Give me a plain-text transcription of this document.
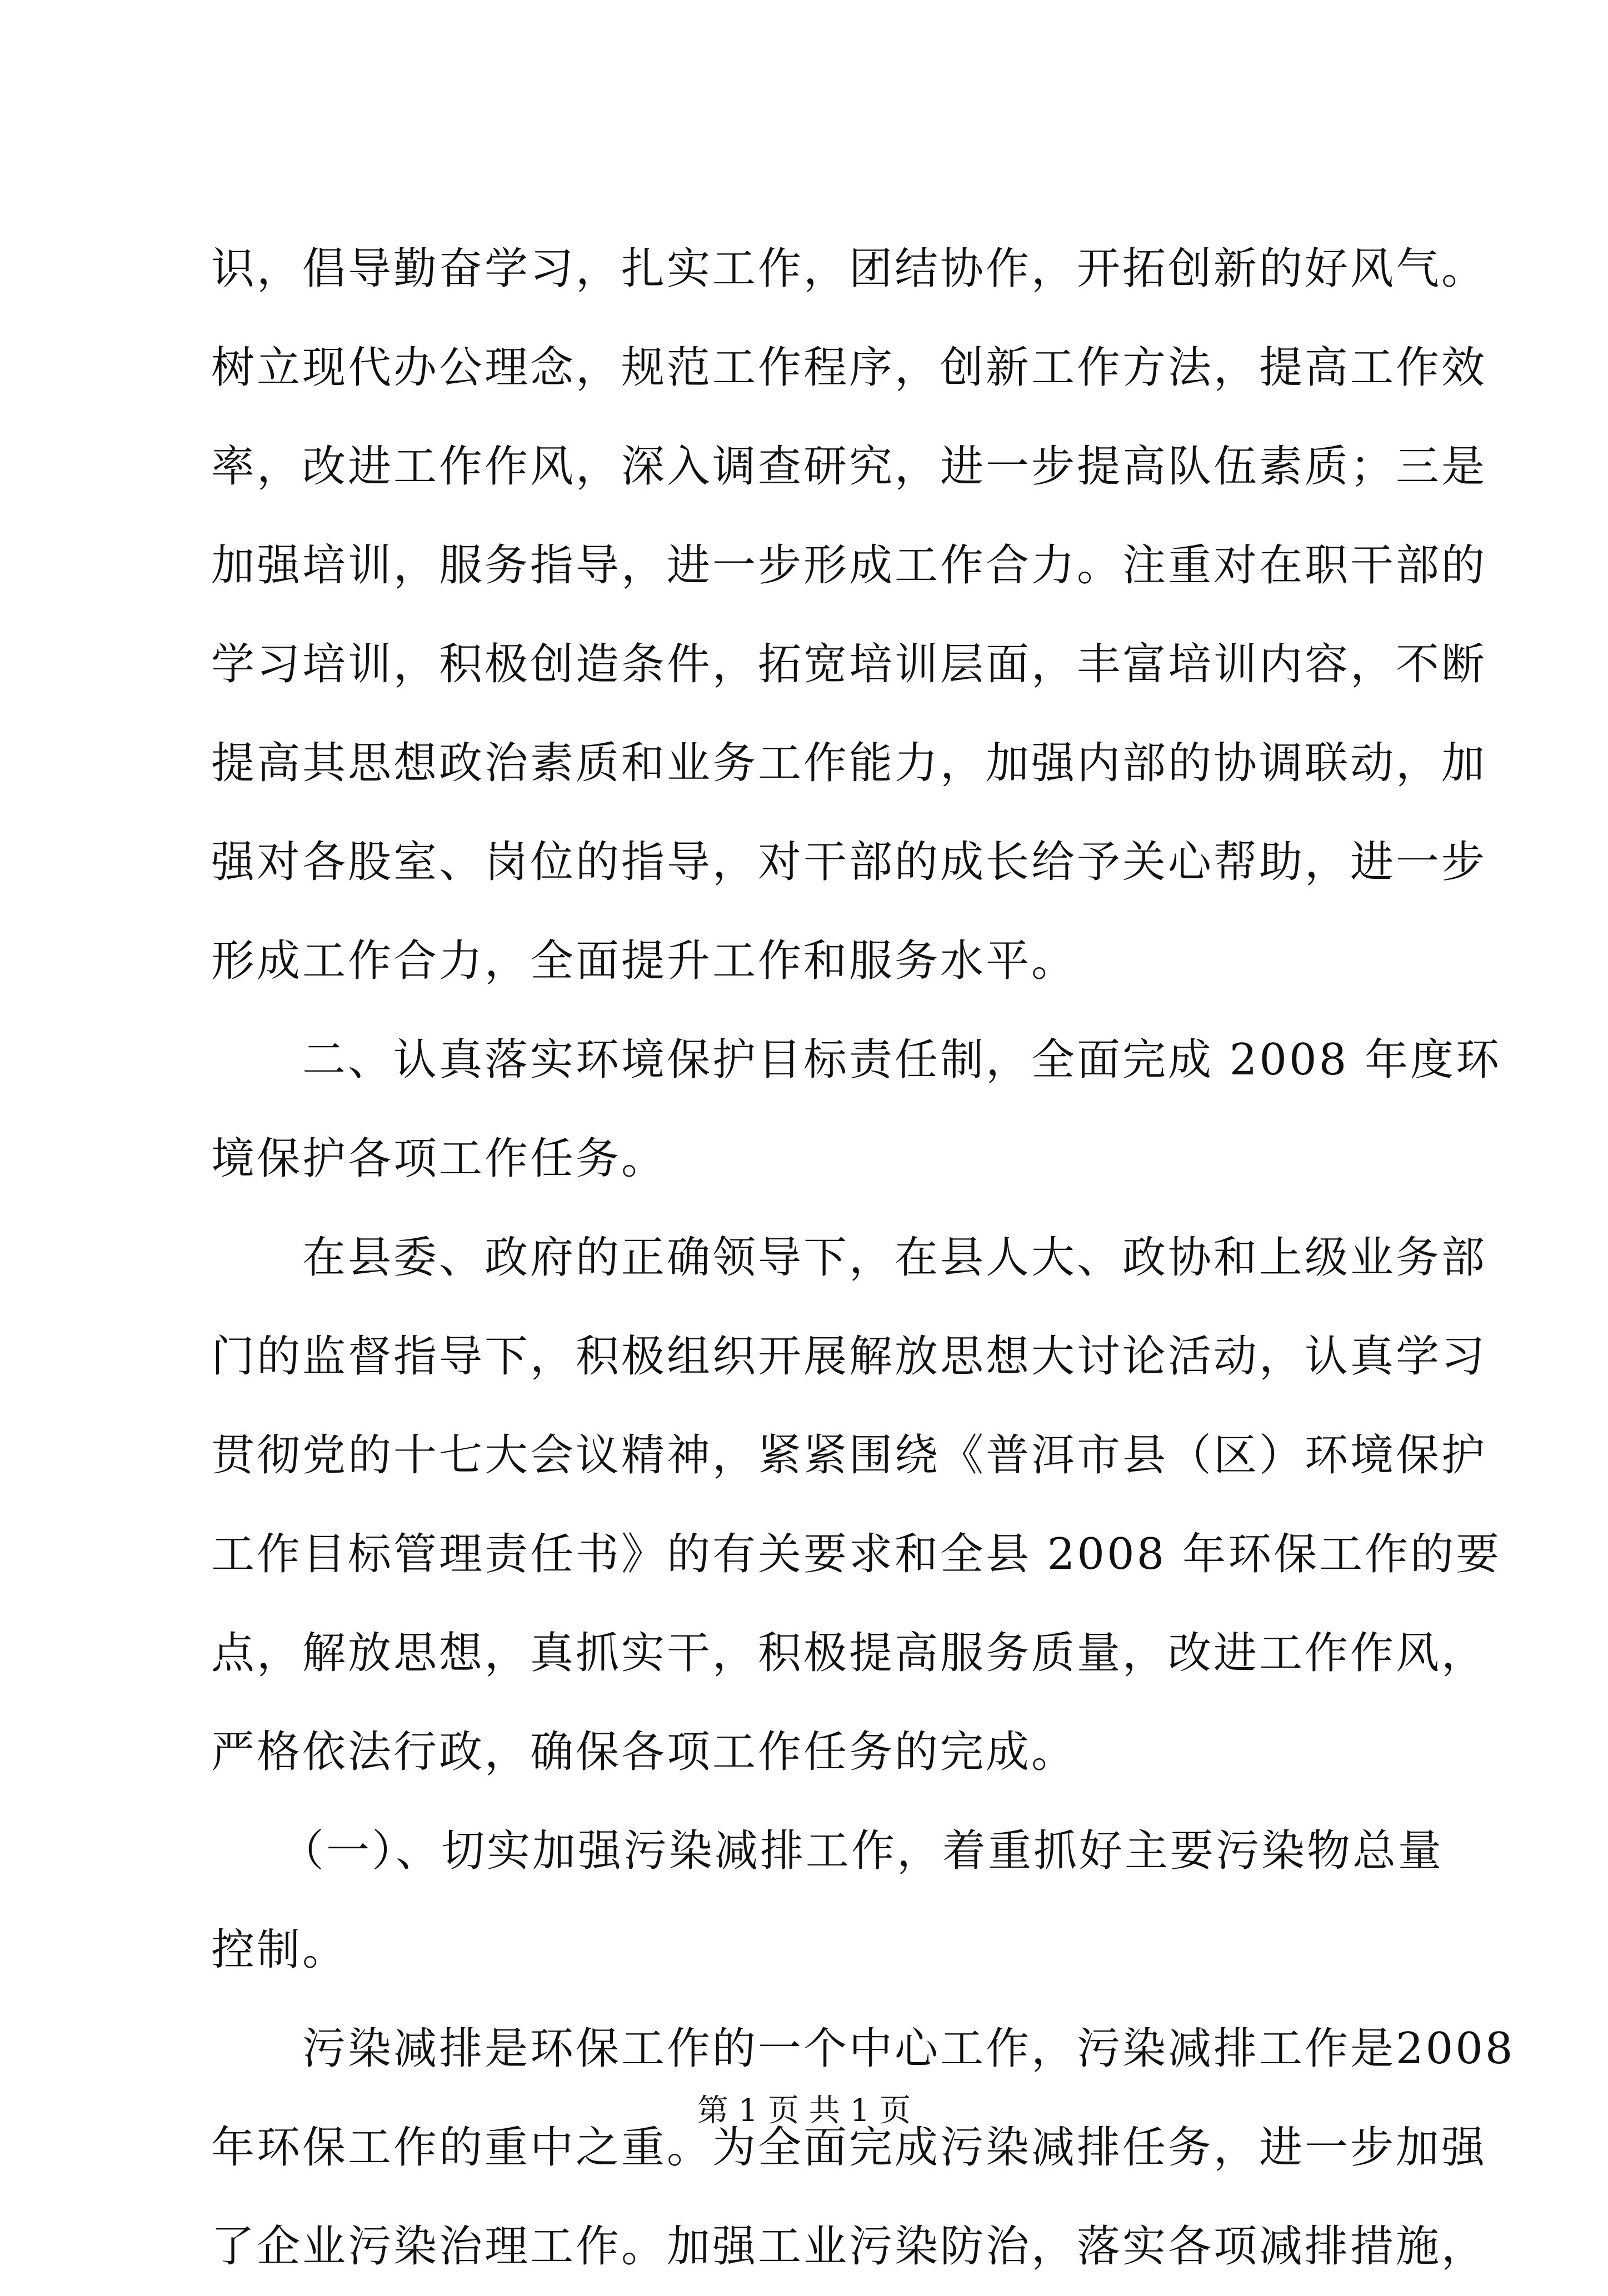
识，倡导勤奋学习，扎实工作，团结协作，开拓创新的好风气。
树立现代办公理念，规范工作程序，创新工作方法，提高工作效
率，改进工作作风，深入调查研究，进一步提高队伍素质；三是
加强培训，服务指导，进一步形成工作合力。注重对在职干部的
学习培训，积极创造条件，拓宽培训层面，丰富培训内容，不断
提高其思想政治素质和业务工作能力，加强内部的协调联动，加
强对各股室、岗位的指导，对干部的成长给予关心帮助，进一步
形成工作合力，全面提升工作和服务水平。
　　二、认真落实环境保护目标责任制，全面完成 2008 年度环
境保护各项工作任务。
　　在县委、政府的正确领导下，在县人大、政协和上级业务部
门的监督指导下，积极组织开展解放思想大讨论活动，认真学习
贯彻党的十七大会议精神，紧紧围绕《普洱市县（区）环境保护
工作目标管理责任书》的有关要求和全县 2008 年环保工作的要
点，解放思想，真抓实干，积极提高服务质量，改进工作作风，
严格依法行政，确保各项工作任务的完成。
　　（一）、切实加强污染减排工作，着重抓好主要污染物总量
控制。
　　污染减排是环保工作的一个中心工作，污染减排工作是2008
年环保工作的重中之重。为全面完成污染减排任务，进一步加强
了企业污染治理工作。加强工业污染防治，落实各项减排措施，
第 1 页 共 1 页
